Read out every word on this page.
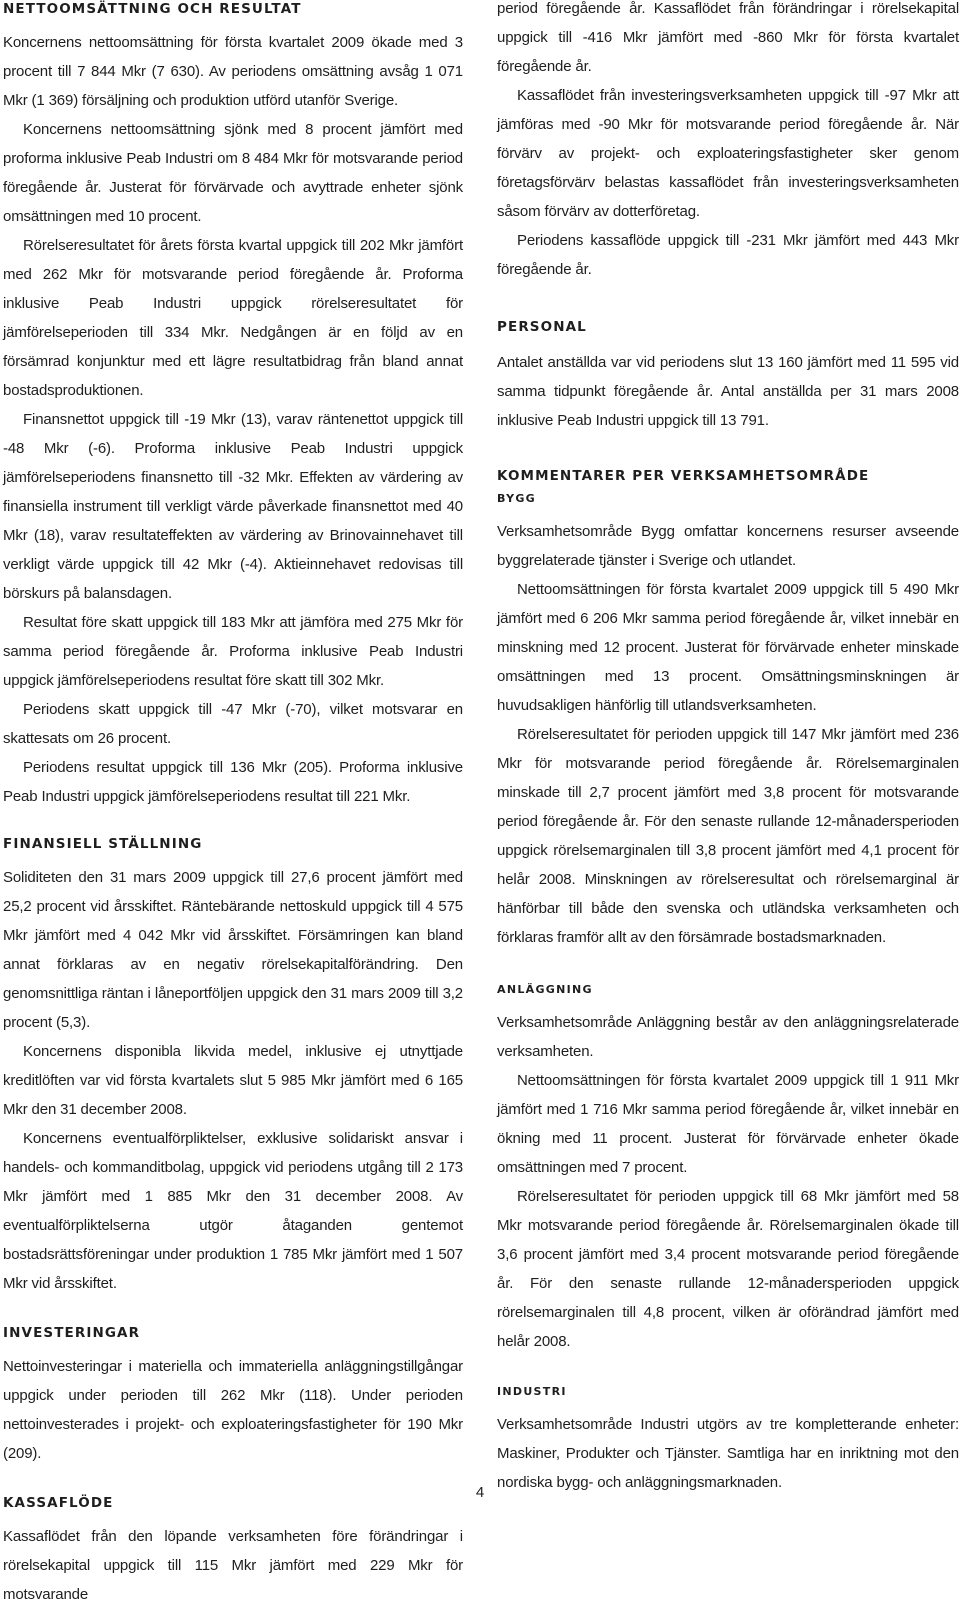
NETTOOMSÄTTNING OCH RESULTAT

Koncernens nettoomsättning för första kvartalet 2009 ökade med 3 procent till 7 844 Mkr (7 630). Av periodens omsättning avsåg 1 071 Mkr (1 369) försäljning och produktion utförd utanför Sverige.

Koncernens nettoomsättning sjönk med 8 procent jämfört med proforma inklusive Peab Industri om 8 484 Mkr för motsvarande period föregående år. Justerat för förvärvade och avyttrade enheter sjönk omsättningen med 10 procent.

Rörelseresultatet för årets första kvartal uppgick till 202 Mkr jämfört med 262 Mkr för motsvarande period föregående år. Proforma inklusive Peab Industri uppgick rörelseresultatet för jämförelseperioden till 334 Mkr. Nedgången är en följd av en försämrad konjunktur med ett lägre resultatbidrag från bland annat bostadsproduktionen.

Finansnettot uppgick till -19 Mkr (13), varav räntenettot uppgick till -48 Mkr (-6). Proforma inklusive Peab Industri uppgick jämförelseperiodens finansnetto till -32 Mkr. Effekten av värdering av finansiella instrument till verkligt värde påverkade finansnettot med 40 Mkr (18), varav resultateffekten av värdering av Brinovainnehavet till verkligt värde uppgick till 42 Mkr (-4). Aktieinnehavet redovisas till börskurs på balansdagen.

Resultat före skatt uppgick till 183 Mkr att jämföra med 275 Mkr för samma period föregående år. Proforma inklusive Peab Industri uppgick jämförelseperiodens resultat före skatt till 302 Mkr.

Periodens skatt uppgick till -47 Mkr (-70), vilket motsvarar en skattesats om 26 procent.

Periodens resultat uppgick till 136 Mkr (205). Proforma inklusive Peab Industri uppgick jämförelseperiodens resultat till 221 Mkr.

FINANSIELL STÄLLNING

Soliditeten den 31 mars 2009 uppgick till 27,6 procent jämfört med 25,2 procent vid årsskiftet. Räntebärande nettoskuld uppgick till 4 575 Mkr jämfört med 4 042 Mkr vid årsskiftet. Försämringen kan bland annat förklaras av en negativ rörelsekapitalförändring. Den genomsnittliga räntan i låneportföljen uppgick den 31 mars 2009 till 3,2 procent (5,3).

Koncernens disponibla likvida medel, inklusive ej utnyttjade kreditlöften var vid första kvartalets slut 5 985 Mkr jämfört med 6 165 Mkr den 31 december 2008.

Koncernens eventualförpliktelser, exklusive solidariskt ansvar i handels- och kommanditbolag, uppgick vid periodens utgång till 2 173 Mkr jämfört med 1 885 Mkr den 31 december 2008. Av eventualförpliktelserna utgör åtaganden gentemot bostadsrättsföreningar under produktion 1 785 Mkr jämfört med 1 507 Mkr vid årsskiftet.

INVESTERINGAR

Nettoinvesteringar i materiella och immateriella anläggningstillgångar uppgick under perioden till 262 Mkr (118). Under perioden nettoinvesterades i projekt- och exploateringsfastigheter för 190 Mkr (209).

KASSAFLÖDE

Kassaflödet från den löpande verksamheten före förändringar i rörelsekapital uppgick till 115 Mkr jämfört med 229 Mkr för motsvarande

period föregående år. Kassaflödet från förändringar i rörelsekapital uppgick till -416 Mkr jämfört med -860 Mkr för första kvartalet föregående år.

Kassaflödet från investeringsverksamheten uppgick till -97 Mkr att jämföras med -90 Mkr för motsvarande period föregående år. När förvärv av projekt- och exploateringsfastigheter sker genom företagsförvärv belastas kassaflödet från investeringsverksamheten såsom förvärv av dotterföretag.

Periodens kassaflöde uppgick till -231 Mkr jämfört med 443 Mkr föregående år.

PERSONAL

Antalet anställda var vid periodens slut 13 160 jämfört med 11 595 vid samma tidpunkt föregående år. Antal anställda per 31 mars 2008 inklusive Peab Industri uppgick till 13 791.

KOMMENTARER PER VERKSAMHETSOMRÅDE
BYGG

Verksamhetsområde Bygg omfattar koncernens resurser avseende byggrelaterade tjänster i Sverige och utlandet.

Nettoomsättningen för första kvartalet 2009 uppgick till 5 490 Mkr jämfört med 6 206 Mkr samma period föregående år, vilket innebär en minskning med 12 procent. Justerat för förvärvade enheter minskade omsättningen med 13 procent. Omsättningsminskningen är huvudsakligen hänförlig till utlandsverksamheten.

Rörelseresultatet för perioden uppgick till 147 Mkr jämfört med 236 Mkr för motsvarande period föregående år. Rörelsemarginalen minskade till 2,7 procent jämfört med 3,8 procent för motsvarande period föregående år. För den senaste rullande 12-månadersperioden uppgick rörelsemarginalen till 3,8 procent jämfört med 4,1 procent för helår 2008. Minskningen av rörelseresultat och rörelsemarginal är hänförbar till både den svenska och utländska verksamheten och förklaras framför allt av den försämrade bostadsmarknaden.

ANLÄGGNING

Verksamhetsområde Anläggning består av den anläggningsrelaterade verksamheten.

Nettoomsättningen för första kvartalet 2009 uppgick till 1 911 Mkr jämfört med 1 716 Mkr samma period föregående år, vilket innebär en ökning med 11 procent. Justerat för förvärvade enheter ökade omsättningen med 7 procent.

Rörelseresultatet för perioden uppgick till 68 Mkr jämfört med 58 Mkr motsvarande period föregående år. Rörelsemarginalen ökade till 3,6 procent jämfört med 3,4 procent motsvarande period föregående år. För den senaste rullande 12-månadersperioden uppgick rörelsemarginalen till 4,8 procent, vilken är oförändrad jämfört med helår 2008.

INDUSTRI

Verksamhetsområde Industri utgörs av tre kompletterande enheter: Maskiner, Produkter och Tjänster. Samtliga har en inriktning mot den nordiska bygg- och anläggningsmarknaden.

4
